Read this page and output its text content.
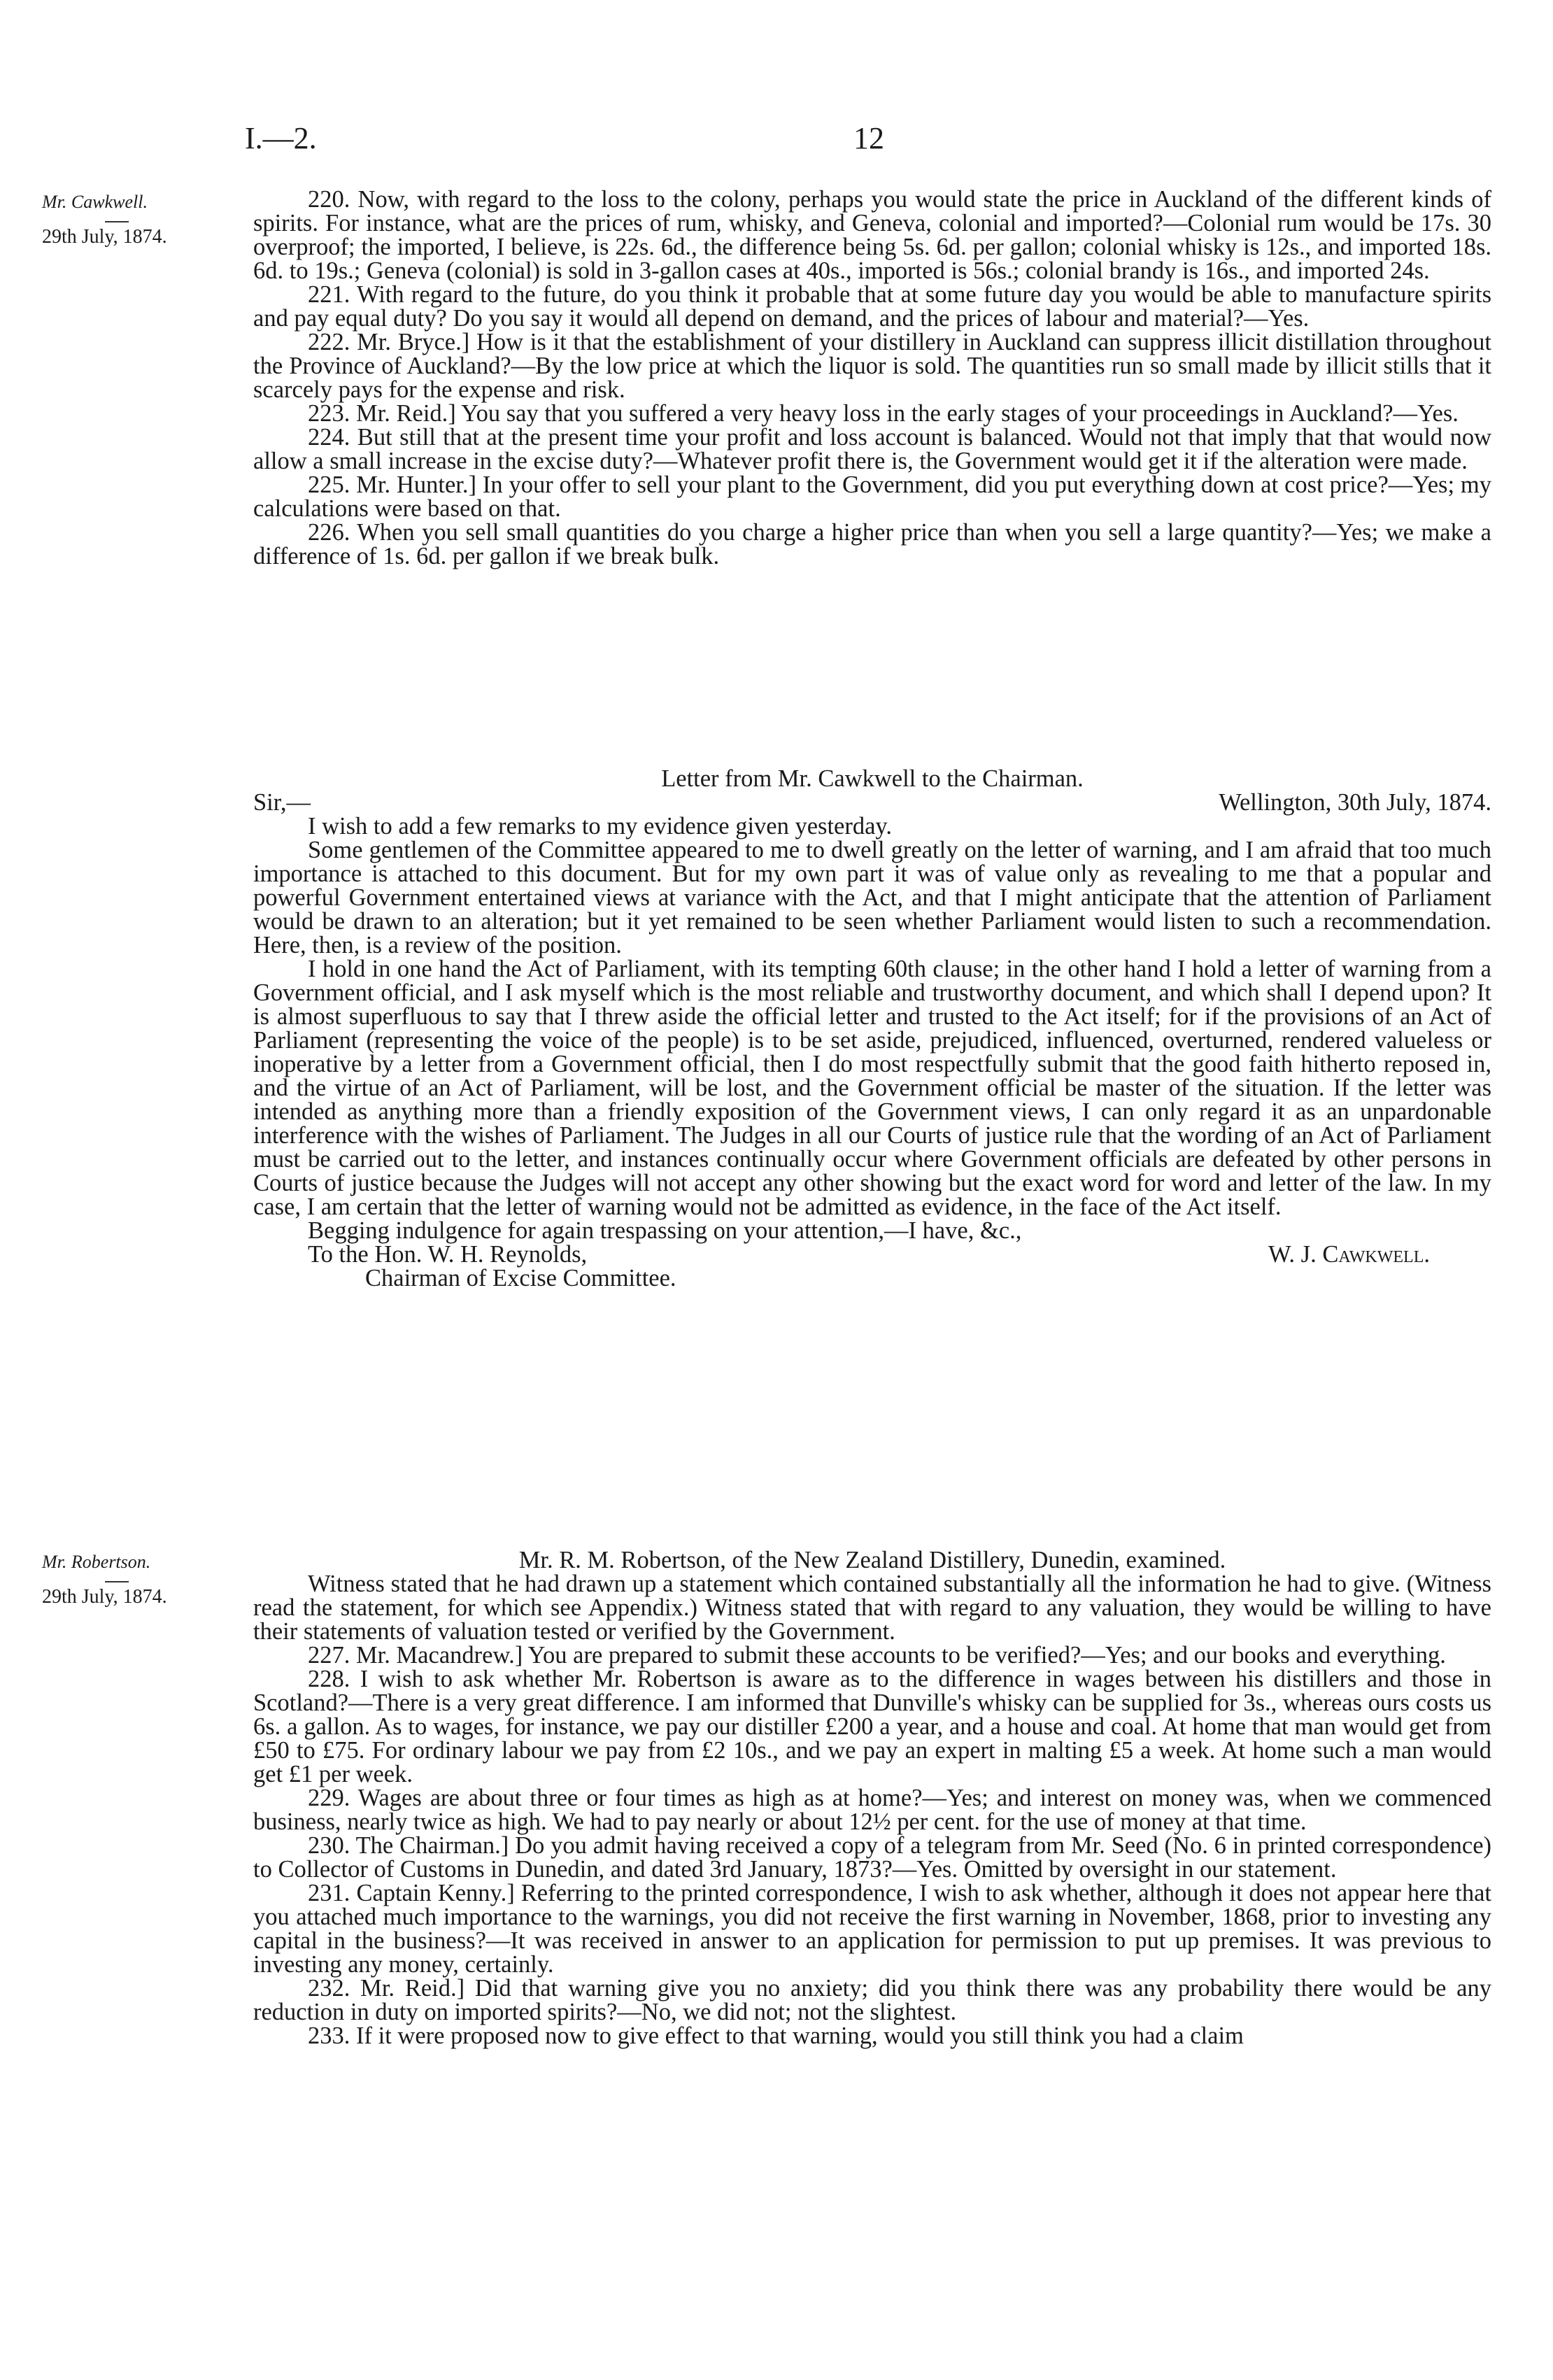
I.—2.	12
Mr. Cawkwell.
29th July, 1874.

220. Now, with regard to the loss to the colony, perhaps you would state the price in Auckland of the different kinds of spirits. For instance, what are the prices of rum, whisky, and Geneva, colonial and imported?—Colonial rum would be 17s. 30 overproof; the imported, I believe, is 22s. 6d., the difference being 5s. 6d. per gallon; colonial whisky is 12s., and imported 18s. 6d. to 19s.; Geneva (colonial) is sold in 3-gallon cases at 40s., imported is 56s.; colonial brandy is 16s., and imported 24s.

221. With regard to the future, do you think it probable that at some future day you would be able to manufacture spirits and pay equal duty? Do you say it would all depend on demand, and the prices of labour and material?—Yes.

222. Mr. Bryce.] How is it that the establishment of your distillery in Auckland can suppress illicit distillation throughout the Province of Auckland?—By the low price at which the liquor is sold. The quantities run so small made by illicit stills that it scarcely pays for the expense and risk.

223. Mr. Reid.] You say that you suffered a very heavy loss in the early stages of your proceedings in Auckland?—Yes.

224. But still that at the present time your profit and loss account is balanced. Would not that imply that that would now allow a small increase in the excise duty?—Whatever profit there is, the Government would get it if the alteration were made.

225. Mr. Hunter.] In your offer to sell your plant to the Government, did you put everything down at cost price?—Yes; my calculations were based on that.

226. When you sell small quantities do you charge a higher price than when you sell a large quantity?—Yes; we make a difference of 1s. 6d. per gallon if we break bulk.

Letter from Mr. Cawkwell to the Chairman.

Sir,—	Wellington, 30th July, 1874.

I wish to add a few remarks to my evidence given yesterday.

Some gentlemen of the Committee appeared to me to dwell greatly on the letter of warning, and I am afraid that too much importance is attached to this document. But for my own part it was of value only as revealing to me that a popular and powerful Government entertained views at variance with the Act, and that I might anticipate that the attention of Parliament would be drawn to an alteration; but it yet remained to be seen whether Parliament would listen to such a recommendation. Here, then, is a review of the position.

I hold in one hand the Act of Parliament, with its tempting 60th clause; in the other hand I hold a letter of warning from a Government official, and I ask myself which is the most reliable and trustworthy document, and which shall I depend upon? It is almost superfluous to say that I threw aside the official letter and trusted to the Act itself; for if the provisions of an Act of Parliament (representing the voice of the people) is to be set aside, prejudiced, influenced, overturned, rendered valueless or inoperative by a letter from a Government official, then I do most respectfully submit that the good faith hitherto reposed in, and the virtue of an Act of Parliament, will be lost, and the Government official be master of the situation. If the letter was intended as anything more than a friendly exposition of the Government views, I can only regard it as an unpardonable interference with the wishes of Parliament. The Judges in all our Courts of justice rule that the wording of an Act of Parliament must be carried out to the letter, and instances continually occur where Government officials are defeated by other persons in Courts of justice because the Judges will not accept any other showing but the exact word for word and letter of the law. In my case, I am certain that the letter of warning would not be admitted as evidence, in the face of the Act itself.

Begging indulgence for again trespassing on your attention,—I have, &c.,

To the Hon. W. H. Reynolds,	W. J. Cawkwell.
Chairman of Excise Committee.
Mr. Robertson.
29th July, 1874.

Mr. R. M. Robertson, of the New Zealand Distillery, Dunedin, examined.

Witness stated that he had drawn up a statement which contained substantially all the information he had to give. (Witness read the statement, for which see Appendix.) Witness stated that with regard to any valuation, they would be willing to have their statements of valuation tested or verified by the Government.

227. Mr. Macandrew.] You are prepared to submit these accounts to be verified?—Yes; and our books and everything.

228. I wish to ask whether Mr. Robertson is aware as to the difference in wages between his distillers and those in Scotland?—There is a very great difference. I am informed that Dunville's whisky can be supplied for 3s., whereas ours costs us 6s. a gallon. As to wages, for instance, we pay our distiller £200 a year, and a house and coal. At home that man would get from £50 to £75. For ordinary labour we pay from £2 10s., and we pay an expert in malting £5 a week. At home such a man would get £1 per week.

229. Wages are about three or four times as high as at home?—Yes; and interest on money was, when we commenced business, nearly twice as high. We had to pay nearly or about 12½ per cent. for the use of money at that time.

230. The Chairman.] Do you admit having received a copy of a telegram from Mr. Seed (No. 6 in printed correspondence) to Collector of Customs in Dunedin, and dated 3rd January, 1873?—Yes. Omitted by oversight in our statement.

231. Captain Kenny.] Referring to the printed correspondence, I wish to ask whether, although it does not appear here that you attached much importance to the warnings, you did not receive the first warning in November, 1868, prior to investing any capital in the business?—It was received in answer to an application for permission to put up premises. It was previous to investing any money, certainly.

232. Mr. Reid.] Did that warning give you no anxiety; did you think there was any probability there would be any reduction in duty on imported spirits?—No, we did not; not the slightest.

233. If it were proposed now to give effect to that warning, would you still think you had a claim
